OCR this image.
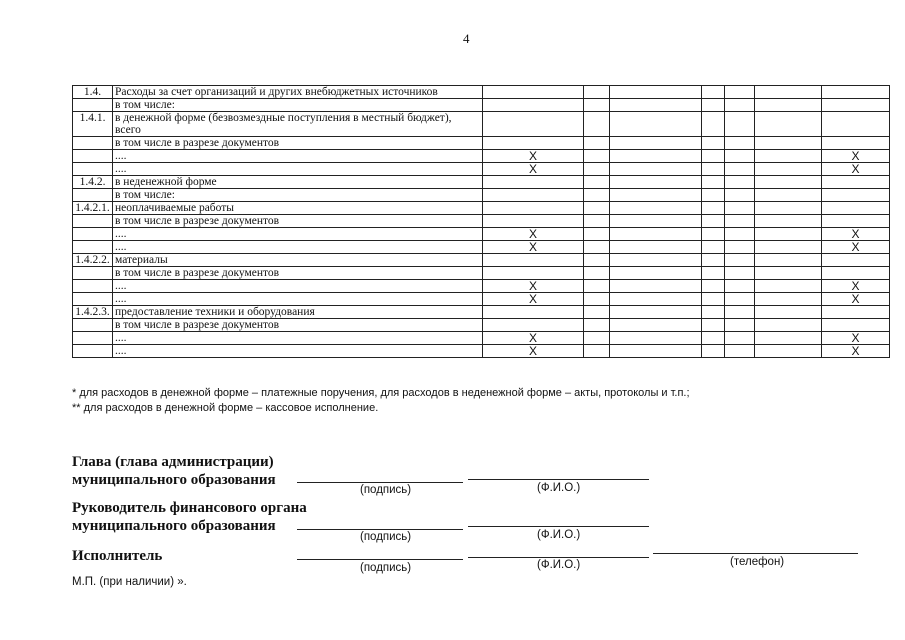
4
1.4.	Расходы за счет организаций и других внебюджетных источников							
	в том числе:							
1.4.1.	в денежной форме (безвозмездные поступления в местный бюджет), всего							
	в том числе в разрезе документов							
	....	X						X
	....	X						X
1.4.2.	в неденежной форме							
	в том числе:							
1.4.2.1.	неоплачиваемые работы							
	в том числе в разрезе документов							
	....	X						X
	....	X						X
1.4.2.2.	материалы							
	в том числе в разрезе документов							
	....	X						X
	....	X						X
1.4.2.3.	предоставление техники и оборудования							
	в том числе в разрезе документов							
	....	X						X
	....	X						X
* для расходов в денежной форме – платежные поручения, для расходов в неденежной форме – акты, протоколы и т.п.;
** для расходов в денежной форме – кассовое исполнение.
Глава (глава администрации)
муниципального образования
(подпись)	(Ф.И.О.)
Руководитель финансового органа
муниципального образования
(подпись)	(Ф.И.О.)
Исполнитель
(подпись)	(Ф.И.О.)	(телефон)
М.П. (при наличии) ».
